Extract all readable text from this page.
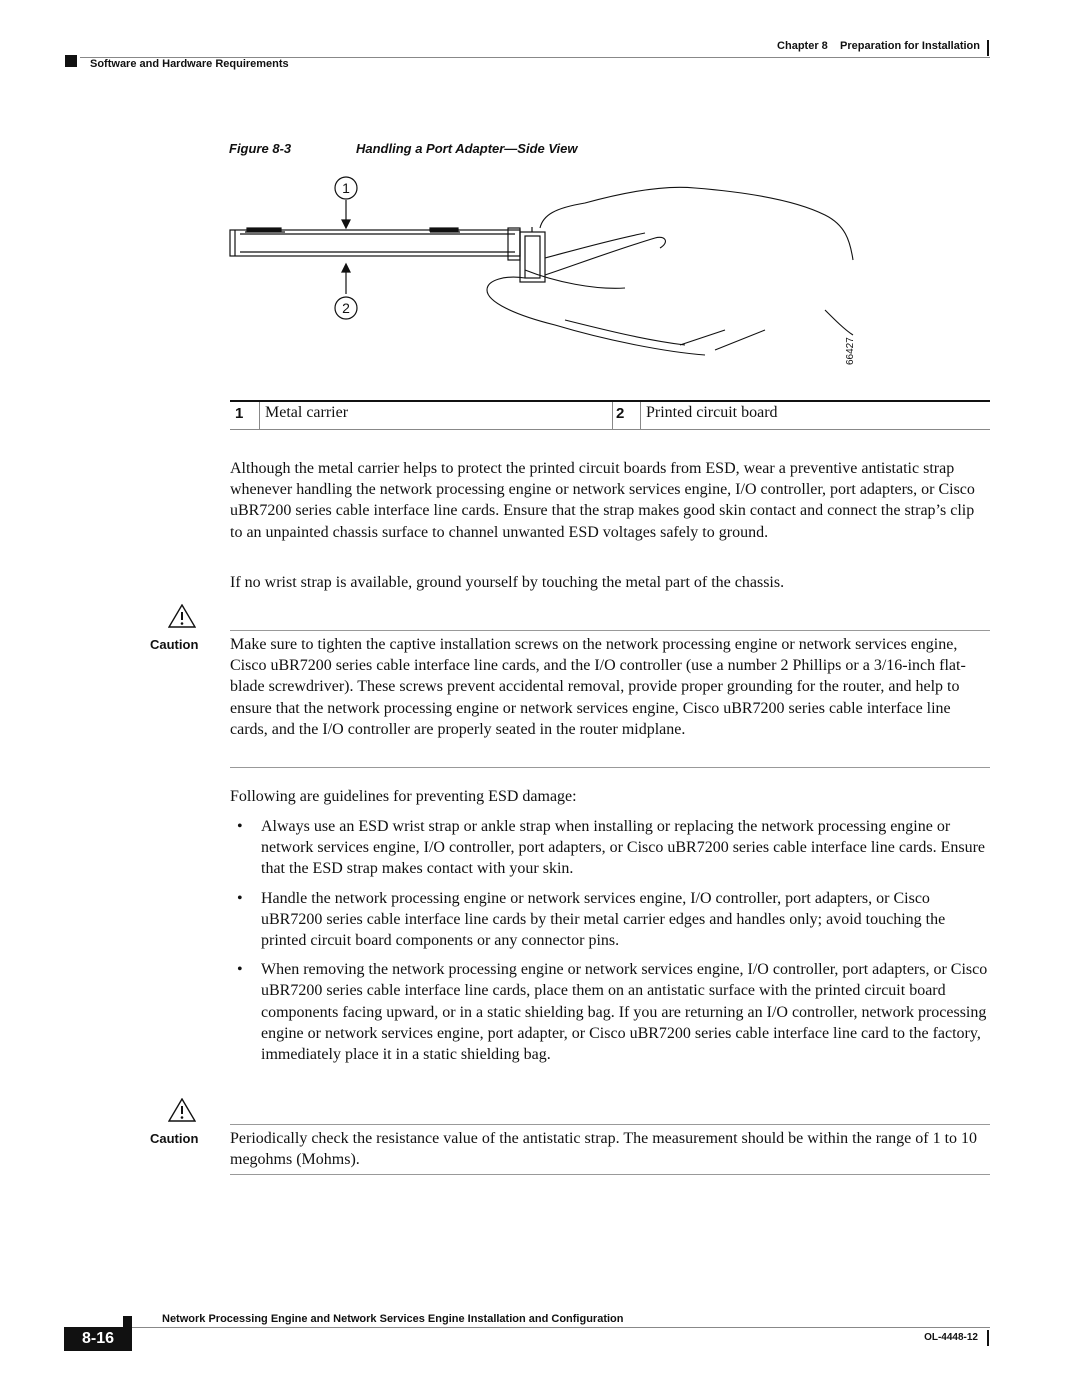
Chapter 8 Preparation for Installation
Software and Hardware Requirements
Figure 8-3	Handling a Port Adapter—Side View
1
2
66427
1 Metal carrier	2 Printed circuit board

Although the metal carrier helps to protect the printed circuit boards from ESD, wear a preventive antistatic strap whenever handling the network processing engine or network services engine, I/O controller, port adapters, or Cisco uBR7200 series cable interface line cards. Ensure that the strap makes good skin contact and connect the strap’s clip to an unpainted chassis surface to channel unwanted ESD voltages safely to ground.

If no wrist strap is available, ground yourself by touching the metal part of the chassis.

Caution Make sure to tighten the captive installation screws on the network processing engine or network services engine, Cisco uBR7200 series cable interface line cards, and the I/O controller (use a number 2 Phillips or a 3/16-inch flat-blade screwdriver). These screws prevent accidental removal, provide proper grounding for the router, and help to ensure that the network processing engine or network services engine, Cisco uBR7200 series cable interface line cards, and the I/O controller are properly seated in the router midplane.

Following are guidelines for preventing ESD damage:

• Always use an ESD wrist strap or ankle strap when installing or replacing the network processing engine or network services engine, I/O controller, port adapters, or Cisco uBR7200 series cable interface line cards. Ensure that the ESD strap makes contact with your skin.
• Handle the network processing engine or network services engine, I/O controller, port adapters, or Cisco uBR7200 series cable interface line cards by their metal carrier edges and handles only; avoid touching the printed circuit board components or any connector pins.
• When removing the network processing engine or network services engine, I/O controller, port adapters, or Cisco uBR7200 series cable interface line cards, place them on an antistatic surface with the printed circuit board components facing upward, or in a static shielding bag. If you are returning an I/O controller, network processing engine or network services engine, port adapter, or Cisco uBR7200 series cable interface line card to the factory, immediately place it in a static shielding bag.
Caution Periodically check the resistance value of the antistatic strap. The measurement should be within the range of 1 to 10 megohms (Mohms).

Network Processing Engine and Network Services Engine Installation and Configuration
8-16	OL-4448-12
